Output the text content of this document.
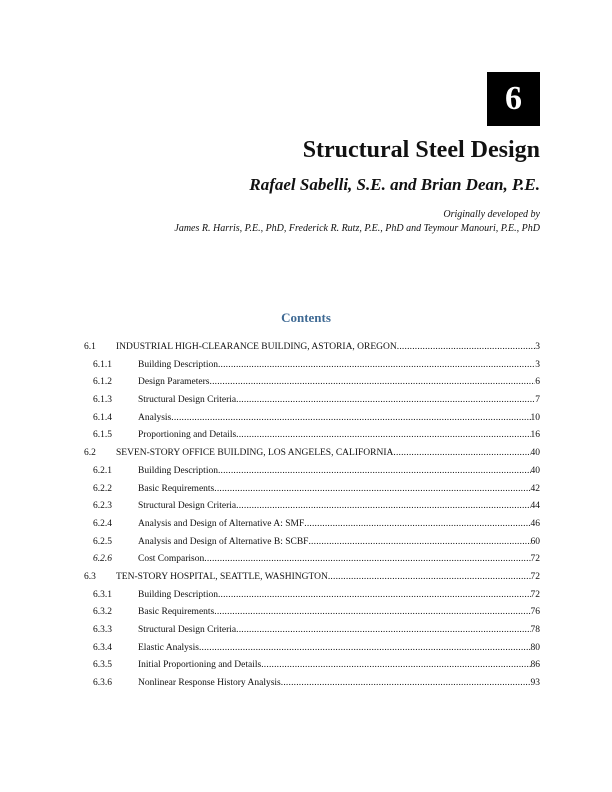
6
Structural Steel Design
Rafael Sabelli, S.E. and Brian Dean, P.E.
Originally developed by
James R. Harris, P.E., PhD, Frederick R. Rutz, P.E., PhD and Teymour Manouri, P.E., PhD
Contents
6.1 INDUSTRIAL HIGH-CLEARANCE BUILDING, ASTORIA, OREGON .....	3
6.1.1	Building Description .....	3
6.1.2	Design Parameters .....	6
6.1.3	Structural Design Criteria .....	7
6.1.4	Analysis .....	10
6.1.5	Proportioning and Details .....	16
6.2 SEVEN-STORY OFFICE BUILDING, LOS ANGELES, CALIFORNIA .....	40
6.2.1	Building Description .....	40
6.2.2	Basic Requirements .....	42
6.2.3	Structural Design Criteria .....	44
6.2.4	Analysis and Design of Alternative A: SMF .....	46
6.2.5	Analysis and Design of Alternative B: SCBF .....	60
6.2.6	Cost Comparison .....	72
6.3 TEN-STORY HOSPITAL, SEATTLE, WASHINGTON .....	72
6.3.1	Building Description .....	72
6.3.2	Basic Requirements .....	76
6.3.3	Structural Design Criteria .....	78
6.3.4	Elastic Analysis .....	80
6.3.5	Initial Proportioning and Details .....	86
6.3.6	Nonlinear Response History Analysis .....	93
